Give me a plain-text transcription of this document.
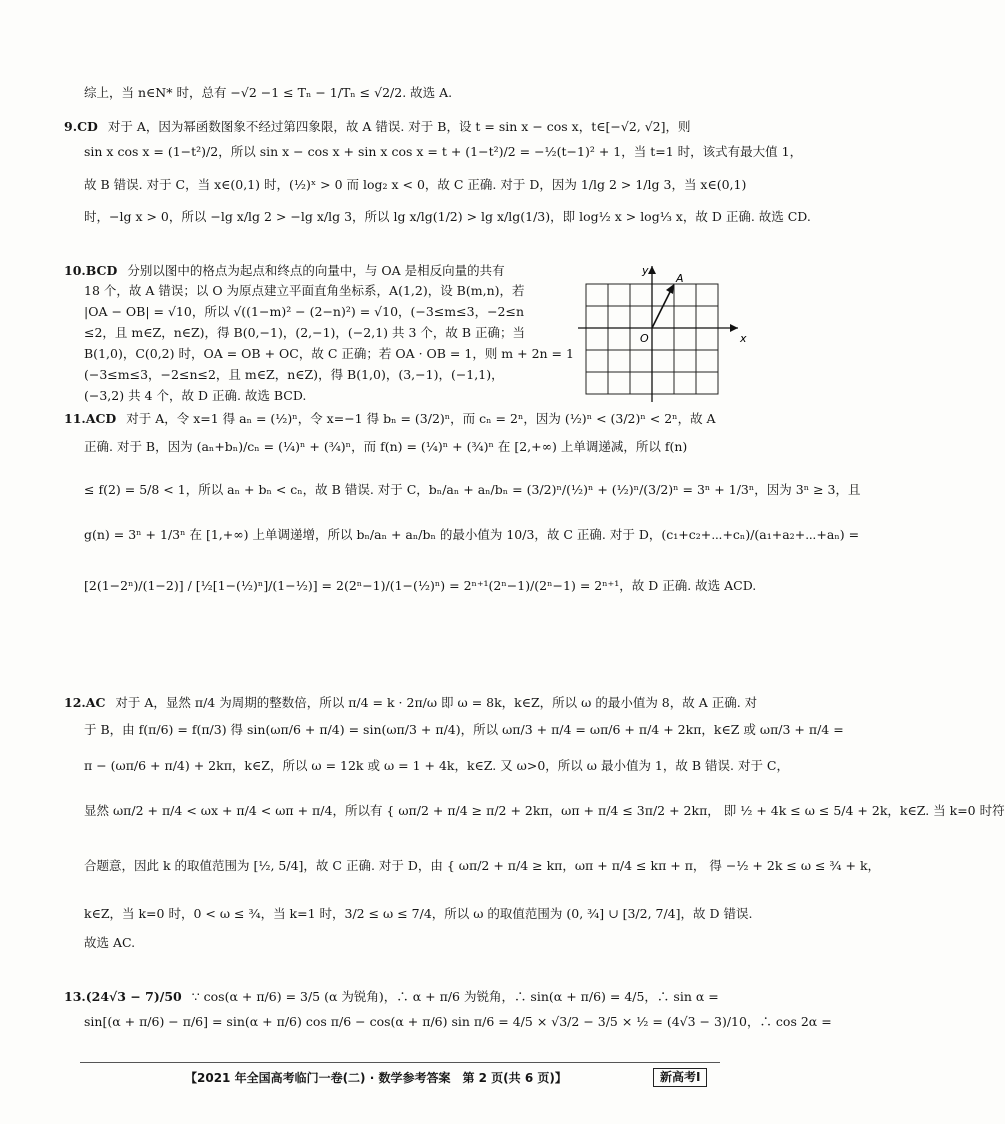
综上，当 n∈N* 时，总有 −√2 −1 ≤ Tₙ − 1/Tₙ ≤ √2/2. 故选 A.

9.CD 对于 A，因为幂函数图象不经过第四象限，故 A 错误. 对于 B，设 t = sin x − cos x，t∈[−√2, √2]，则

sin x cos x = (1−t²)/2，所以 sin x − cos x + sin x cos x = t + (1−t²)/2 = −½(t−1)² + 1，当 t=1 时，该式有最大值 1，

故 B 错误. 对于 C，当 x∈(0,1) 时，(½)ˣ > 0 而 log₂ x < 0，故 C 正确. 对于 D，因为 1/lg 2 > 1/lg 3，当 x∈(0,1)

时，−lg x > 0，所以 −lg x/lg 2 > −lg x/lg 3，所以 lg x/lg(1/2) > lg x/lg(1/3)，即 log½ x > log⅓ x，故 D 正确. 故选 CD.

10.BCD 分别以图中的格点为起点和终点的向量中，与 OA 是相反向量的共有

18 个，故 A 错误；以 O 为原点建立平面直角坐标系，A(1,2)，设 B(m,n)，若

|OA − OB| = √10，所以 √((1−m)² − (2−n)²) = √10，(−3≤m≤3，−2≤n

≤2，且 m∈Z，n∈Z)，得 B(0,−1)，(2,−1)，(−2,1) 共 3 个，故 B 正确；当

B(1,0)，C(0,2) 时，OA = OB + OC，故 C 正确；若 OA · OB = 1，则 m + 2n = 1

(−3≤m≤3，−2≤n≤2，且 m∈Z，n∈Z)，得 B(1,0)，(3,−1)，(−1,1)，

(−3,2) 共 4 个，故 D 正确. 故选 BCD.

y
x
O
A

11.ACD 对于 A，令 x=1 得 aₙ = (½)ⁿ，令 x=−1 得 bₙ = (3/2)ⁿ，而 cₙ = 2ⁿ，因为 (½)ⁿ < (3/2)ⁿ < 2ⁿ，故 A

正确. 对于 B，因为 (aₙ+bₙ)/cₙ = (¼)ⁿ + (¾)ⁿ，而 f(n) = (¼)ⁿ + (¾)ⁿ 在 [2,+∞) 上单调递减，所以 f(n)

≤ f(2) = 5/8 < 1，所以 aₙ + bₙ < cₙ，故 B 错误. 对于 C，bₙ/aₙ + aₙ/bₙ = (3/2)ⁿ/(½)ⁿ + (½)ⁿ/(3/2)ⁿ = 3ⁿ + 1/3ⁿ，因为 3ⁿ ≥ 3，且

g(n) = 3ⁿ + 1/3ⁿ 在 [1,+∞) 上单调递增，所以 bₙ/aₙ + aₙ/bₙ 的最小值为 10/3，故 C 正确. 对于 D，(c₁+c₂+⋯+cₙ)/(a₁+a₂+⋯+aₙ) =

[2(1−2ⁿ)/(1−2)] / [½[1−(½)ⁿ]/(1−½)] = 2(2ⁿ−1)/(1−(½)ⁿ) = 2ⁿ⁺¹(2ⁿ−1)/(2ⁿ−1) = 2ⁿ⁺¹，故 D 正确. 故选 ACD.

12.AC 对于 A，显然 π/4 为周期的整数倍，所以 π/4 = k · 2π/ω 即 ω = 8k，k∈Z，所以 ω 的最小值为 8，故 A 正确. 对

于 B，由 f(π/6) = f(π/3) 得 sin(ωπ/6 + π/4) = sin(ωπ/3 + π/4)，所以 ωπ/3 + π/4 = ωπ/6 + π/4 + 2kπ，k∈Z 或 ωπ/3 + π/4 =

π − (ωπ/6 + π/4) + 2kπ，k∈Z，所以 ω = 12k 或 ω = 1 + 4k，k∈Z. 又 ω>0，所以 ω 最小值为 1，故 B 错误. 对于 C，

显然 ωπ/2 + π/4 < ωx + π/4 < ωπ + π/4，所以有 { ωπ/2 + π/4 ≥ π/2 + 2kπ，ωπ + π/4 ≤ 3π/2 + 2kπ， 即 ½ + 4k ≤ ω ≤ 5/4 + 2k，k∈Z. 当 k=0 时符

合题意，因此 k 的取值范围为 [½, 5/4]，故 C 正确. 对于 D，由 { ωπ/2 + π/4 ≥ kπ，ωπ + π/4 ≤ kπ + π， 得 −½ + 2k ≤ ω ≤ ¾ + k，

k∈Z，当 k=0 时，0 < ω ≤ ¾，当 k=1 时，3/2 ≤ ω ≤ 7/4，所以 ω 的取值范围为 (0, ¾] ∪ [3/2, 7/4]，故 D 错误.

故选 AC.

13.(24√3 − 7)/50 ∵ cos(α + π/6) = 3/5 (α 为锐角)，∴ α + π/6 为锐角，∴ sin(α + π/6) = 4/5，∴ sin α =

sin[(α + π/6) − π/6] = sin(α + π/6) cos π/6 − cos(α + π/6) sin π/6 = 4/5 × √3/2 − 3/5 × ½ = (4√3 − 3)/10，∴ cos 2α =

【2021 年全国高考临门一卷(二) · 数学参考答案　第 2 页(共 6 页)】	新高考Ⅰ
